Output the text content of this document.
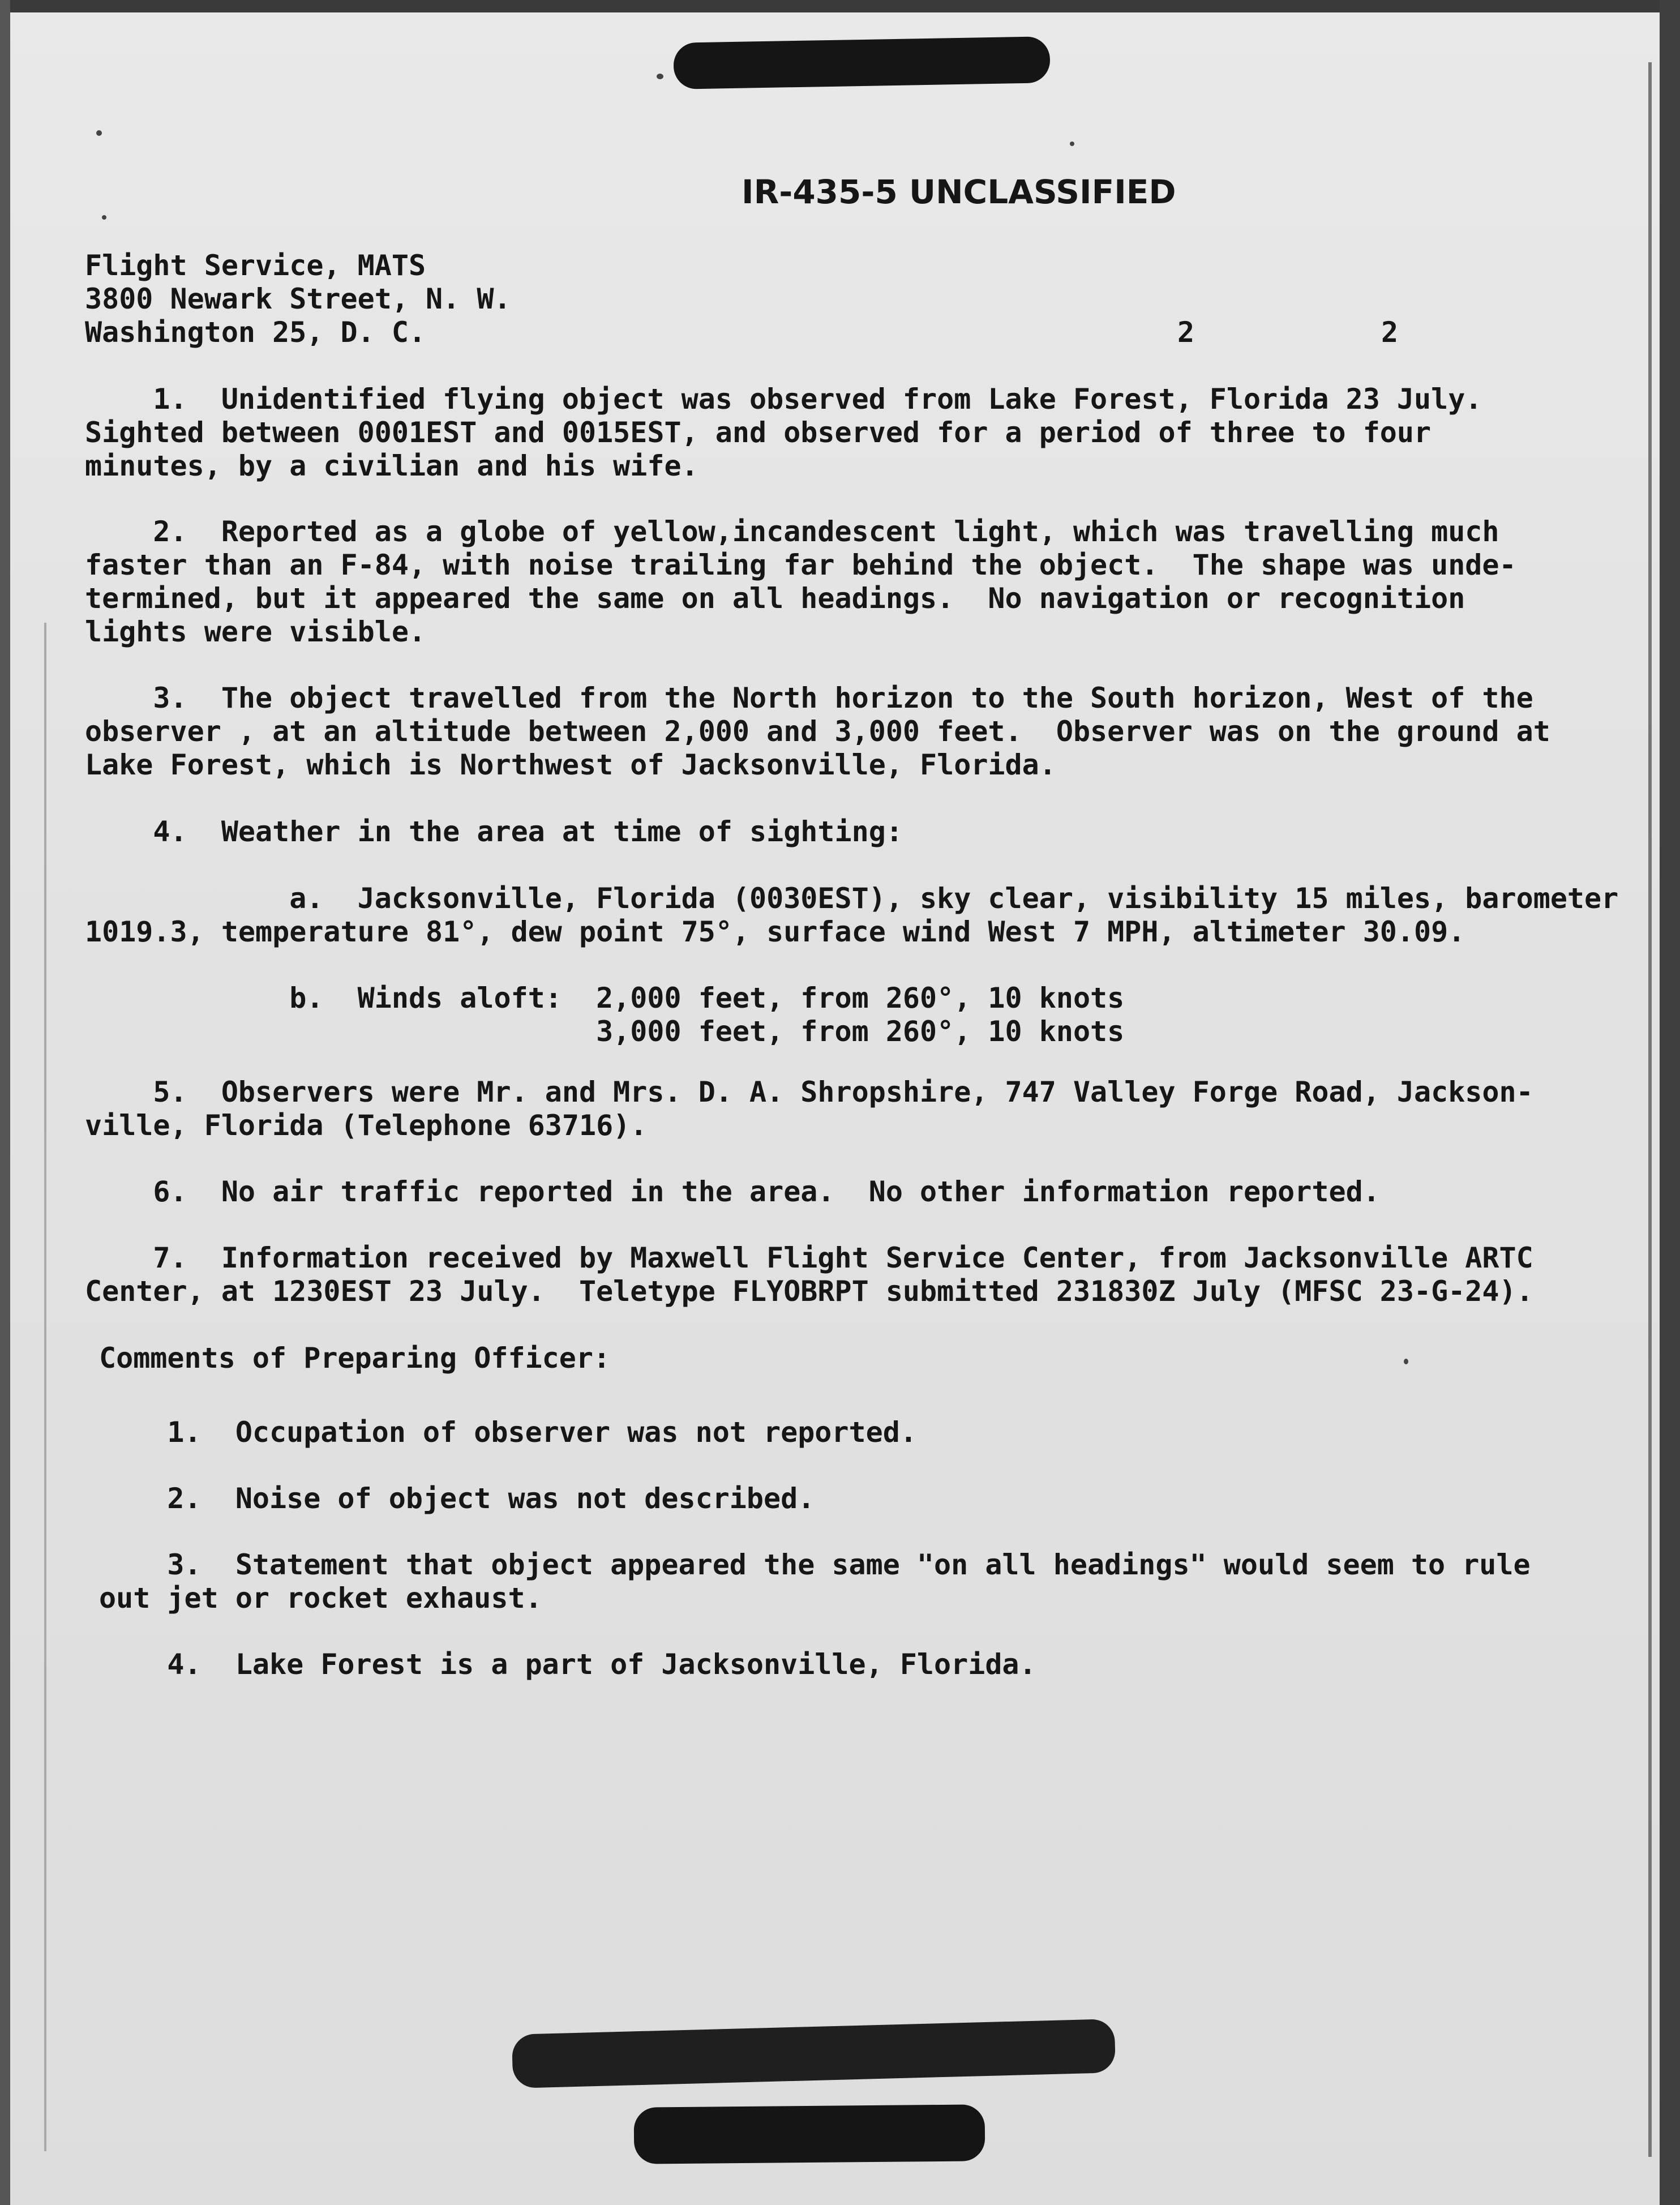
IR-435-5 UNCLASSIFIED
Flight Service, MATS
3800 Newark Street, N. W.
Washington 25, D. C.	2	2
1.  Unidentified flying object was observed from Lake Forest, Florida 23 July.
Sighted between 0001EST and 0015EST, and observed for a period of three to four
minutes, by a civilian and his wife.
2.  Reported as a globe of yellow,incandescent light, which was travelling much
faster than an F-84, with noise trailing far behind the object.  The shape was unde-
termined, but it appeared the same on all headings.  No navigation or recognition
lights were visible.
3.  The object travelled from the North horizon to the South horizon, West of the
observer , at an altitude between 2,000 and 3,000 feet.  Observer was on the ground at
Lake Forest, which is Northwest of Jacksonville, Florida.
4.  Weather in the area at time of sighting:
a.  Jacksonville, Florida (0030EST), sky clear, visibility 15 miles, barometer
1019.3, temperature 81°, dew point 75°, surface wind West 7 MPH, altimeter 30.09.
b.  Winds aloft:  2,000 feet, from 260°, 10 knots
3,000 feet, from 260°, 10 knots
5.  Observers were Mr. and Mrs. D. A. Shropshire, 747 Valley Forge Road, Jackson-
ville, Florida (Telephone 63716).
6.  No air traffic reported in the area.  No other information reported.
7.  Information received by Maxwell Flight Service Center, from Jacksonville ARTC
Center, at 1230EST 23 July.  Teletype FLYOBRPT submitted 231830Z July (MFSC 23-G-24).
Comments of Preparing Officer:
1.  Occupation of observer was not reported.
2.  Noise of object was not described.
3.  Statement that object appeared the same "on all headings" would seem to rule
out jet or rocket exhaust.
4.  Lake Forest is a part of Jacksonville, Florida.
